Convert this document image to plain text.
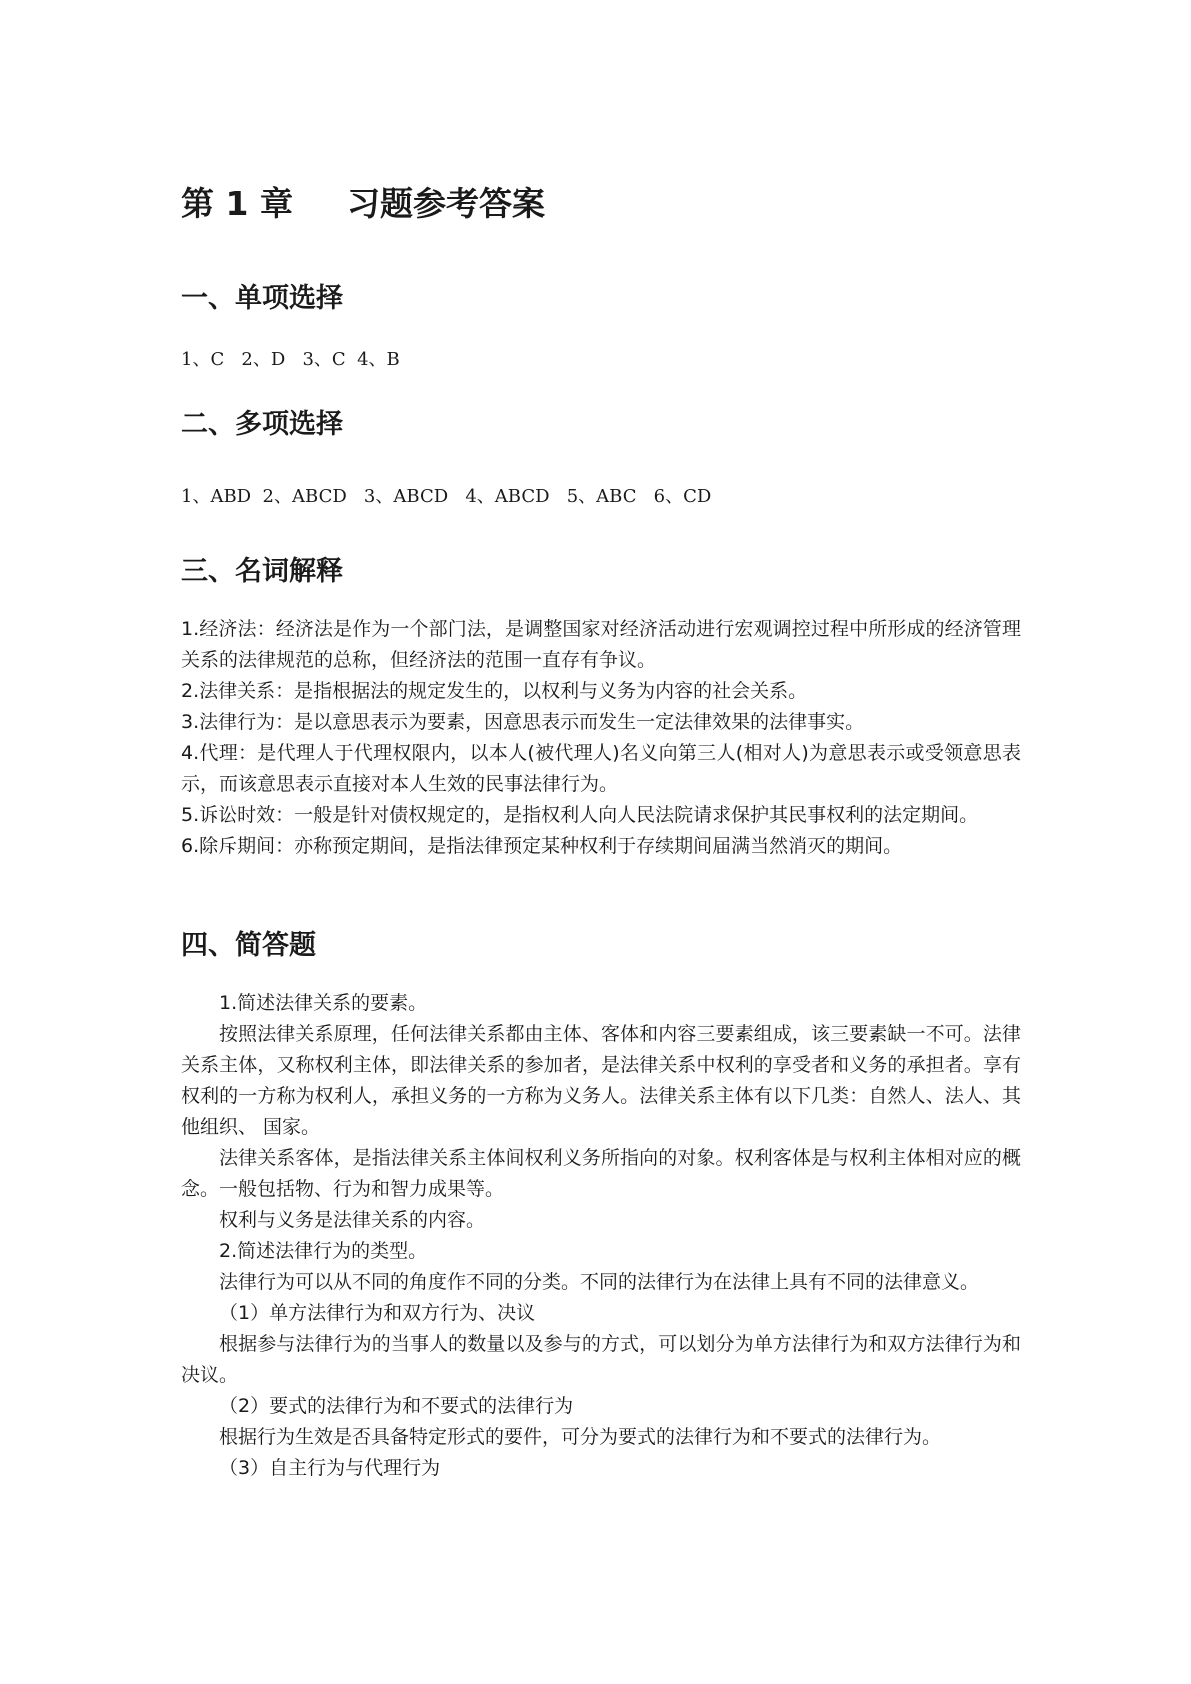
第 1 章 习题参考答案
一、单项选择

1、C   2、D   3、C  4、B

二、多项选择

1、ABD  2、ABCD   3、ABCD   4、ABCD   5、ABC   6、CD

三、名词解释

1.经济法：经济法是作为一个部门法，是调整国家对经济活动进行宏观调控过程中所形成的经济管理关系的法律规范的总称，但经济法的范围一直存有争议。

2.法律关系：是指根据法的规定发生的，以权利与义务为内容的社会关系。

3.法律行为：是以意思表示为要素，因意思表示而发生一定法律效果的法律事实。

4.代理：是代理人于代理权限内，以本人(被代理人)名义向第三人(相对人)为意思表示或受领意思表示，而该意思表示直接对本人生效的民事法律行为。

5.诉讼时效：一般是针对债权规定的，是指权利人向人民法院请求保护其民事权利的法定期间。

6.除斥期间：亦称预定期间，是指法律预定某种权利于存续期间届满当然消灭的期间。

四、简答题

1.简述法律关系的要素。

按照法律关系原理，任何法律关系都由主体、客体和内容三要素组成，该三要素缺一不可。法律关系主体，又称权利主体，即法律关系的参加者，是法律关系中权利的享受者和义务的承担者。享有权利的一方称为权利人，承担义务的一方称为义务人。法律关系主体有以下几类：自然人、法人、其他组织、 国家。

法律关系客体，是指法律关系主体间权利义务所指向的对象。权利客体是与权利主体相对应的概念。一般包括物、行为和智力成果等。

权利与义务是法律关系的内容。

2.简述法律行为的类型。

法律行为可以从不同的角度作不同的分类。不同的法律行为在法律上具有不同的法律意义。

（1）单方法律行为和双方行为、决议

根据参与法律行为的当事人的数量以及参与的方式，可以划分为单方法律行为和双方法律行为和决议。

（2）要式的法律行为和不要式的法律行为

根据行为生效是否具备特定形式的要件，可分为要式的法律行为和不要式的法律行为。

（3）自主行为与代理行为
